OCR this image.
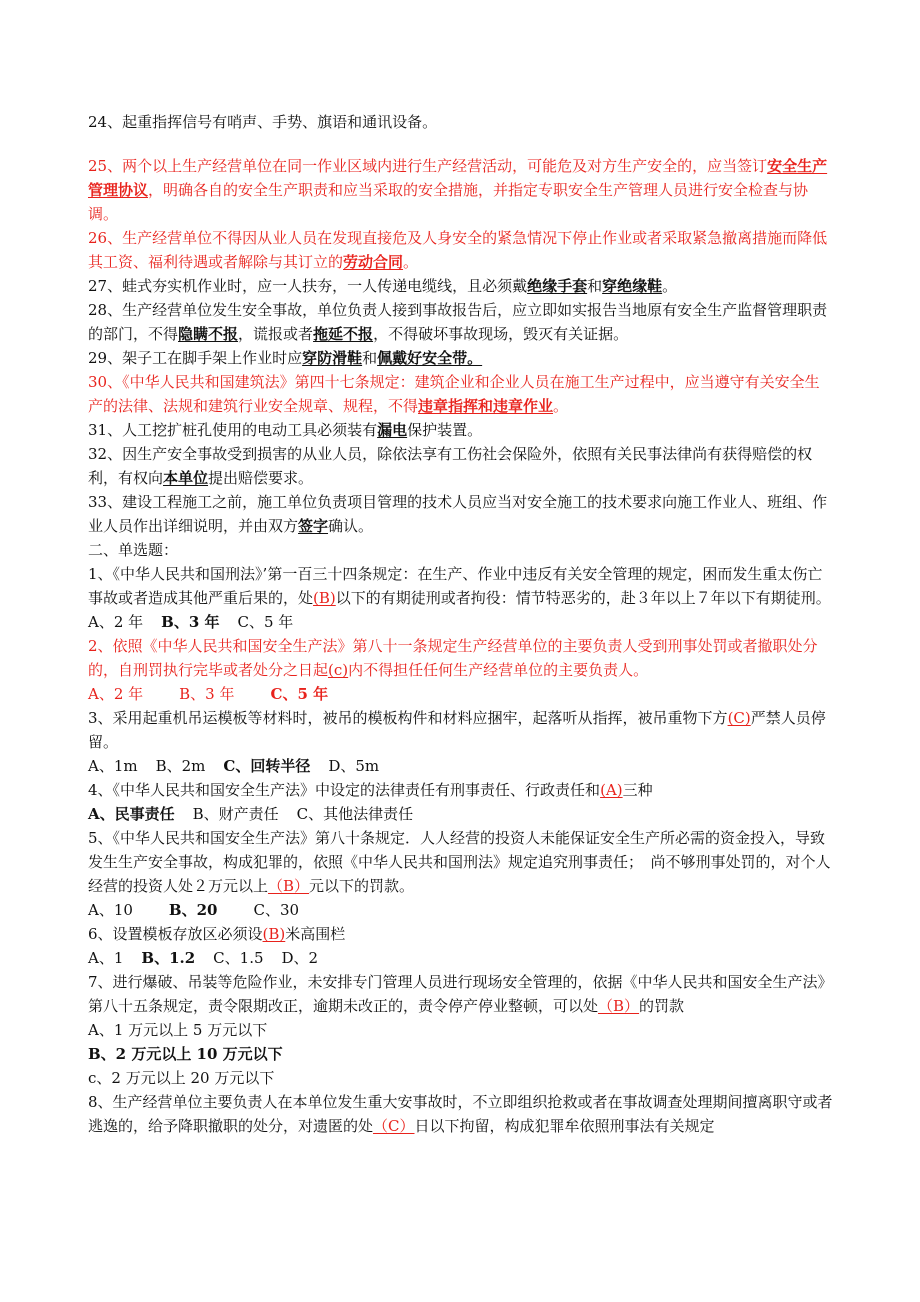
24、起重指挥信号有哨声、手势、旗语和通讯设备。

25、两个以上生产经营单位在同一作业区域内进行生产经营活动，可能危及对方生产安全的，应当签订安全生产管理协议，明确各自的安全生产职责和应当采取的安全措施，并指定专职安全生产管理人员进行安全检查与协调。

26、生产经营单位不得因从业人员在发现直接危及人身安全的紧急情况下停止作业或者采取紧急撤离措施而降低其工资、福利待遇或者解除与其订立的劳动合同。

27、蛙式夯实机作业时，应一人扶夯，一人传递电缆线，且必须戴绝缘手套和穿绝缘鞋。

28、生产经营单位发生安全事故，单位负责人接到事故报告后，应立即如实报告当地原有安全生产监督管理职责的部门，不得隐瞒不报，谎报或者拖延不报，不得破坏事故现场，毁灭有关证据。

29、架子工在脚手架上作业时应穿防滑鞋和佩戴好安全带。

30、《中华人民共和国建筑法》第四十七条规定：建筑企业和企业人员在施工生产过程中，应当遵守有关安全生产的法律、法规和建筑行业安全规章、规程，不得违章指挥和违章作业。

31、人工挖扩桩孔使用的电动工具必须装有漏电保护装置。

32、因生产安全事故受到损害的从业人员，除依法享有工伤社会保险外，依照有关民事法律尚有获得赔偿的权利，有权向本单位提出赔偿要求。

33、建设工程施工之前，施工单位负责项目管理的技术人员应当对安全施工的技术要求向施工作业人、班组、作业人员作出详细说明，并由双方签字确认。

二、单选题：

1、《中华人民共和国刑法》’第一百三十四条规定：在生产、作业中违反有关安全管理的规定，困而发生重太伤亡事故或者造成其他严重后果的，处(B)以下的有期徒刑或者拘役：情节特恶劣的，赴３年以上７年以下有期徒刑。

A、2 年 B、3 年 C、5 年

2、依照《中华人民共和国安全生产法》第八十一条规定生产经营单位的主要负责人受到刑事处罚或者撤职处分的，自刑罚执行完毕或者处分之日起(c)内不得担任任何生产经营单位的主要负责人。

A、2 年 B、3 年 C、5 年

3、采用起重机吊运模板等材料时，被吊的模板构件和材料应捆牢，起落听从指挥，被吊重物下方(C)严禁人员停留。

A、1m B、2m C、回转半径 D、5m

4、《中华人民共和国安全生产法》中设定的法律责任有刑事责任、行政责任和(A)三种

A、民事责任 B、财产责任 C、其他法律责任

5、《中华人民共和国安全生产法》第八十条规定．人人经营的投资人未能保证安全生产所必需的资金投入，导致发生生产安全事故，构成犯罪的，依照《中华人民共和国刑法》规定追究刑事责任；　尚不够刑事处罚的，对个人经营的投资人处２万元以上（B）元以下的罚款。

A、10 B、20 C、30

6、设置模板存放区必须设(B)米高围栏

A、1 B、1.2 C、1.5 D、2

7、进行爆破、吊装等危险作业，未安排专门管理人员进行现场安全管理的，依据《中华人民共和国安全生产法》第八十五条规定，责令限期改正，逾期未改正的，责令停产停业整顿，可以处（B）的罚款

A、1 万元以上 5 万元以下

B、2 万元以上 10 万元以下

c、2 万元以上 20 万元以下

8、生产经营单位主要负责人在本单位发生重大安事故时，不立即组织抢救或者在事故调查处理期间擅离职守或者逃逸的，给予降职撤职的处分，对遗匿的处（C）日以下拘留，构成犯罪牟依照刑事法有关规定
